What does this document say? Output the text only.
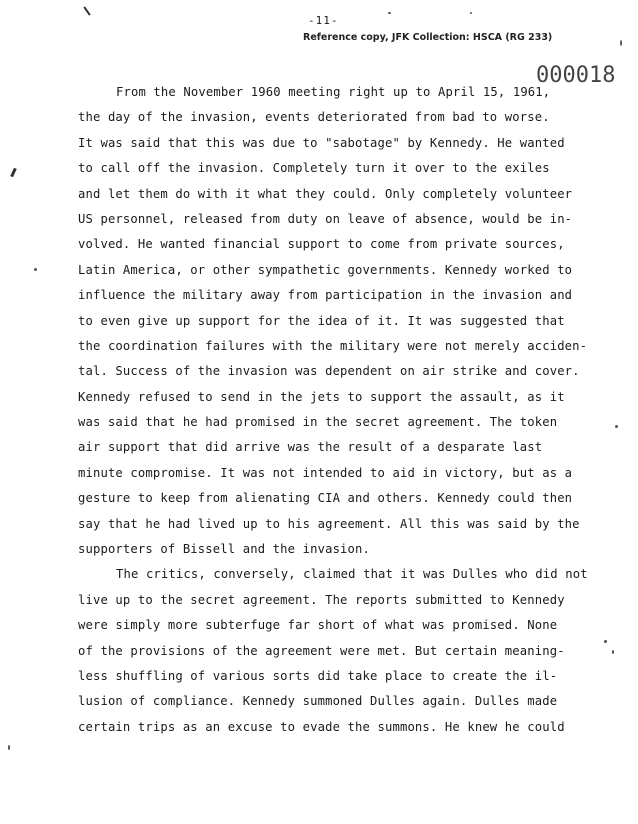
-11-
Reference copy, JFK Collection: HSCA (RG 233)
000018
From the November 1960 meeting right up to April 15, 1961,
the day of the invasion, events deteriorated from bad to worse.
It was said that this was due to "sabotage" by Kennedy. He wanted
to call off the invasion. Completely turn it over to the exiles
and let them do with it what they could. Only completely volunteer
US personnel, released from duty on leave of absence, would be in-
volved. He wanted financial support to come from private sources,
Latin America, or other sympathetic governments. Kennedy worked to
influence the military away from participation in the invasion and
to even give up support for the idea of it. It was suggested that
the coordination failures with the military were not merely acciden-
tal. Success of the invasion was dependent on air strike and cover.
Kennedy refused to send in the jets to support the assault, as it
was said that he had promised in the secret agreement. The token
air support that did arrive was the result of a desparate last
minute compromise. It was not intended to aid in victory, but as a
gesture to keep from alienating CIA and others. Kennedy could then
say that he had lived up to his agreement. All this was said by the
supporters of Bissell and the invasion.
The critics, conversely, claimed that it was Dulles who did not
live up to the secret agreement. The reports submitted to Kennedy
were simply more subterfuge far short of what was promised. None
of the provisions of the agreement were met. But certain meaning-
less shuffling of various sorts did take place to create the il-
lusion of compliance. Kennedy summoned Dulles again. Dulles made
certain trips as an excuse to evade the summons. He knew he could
